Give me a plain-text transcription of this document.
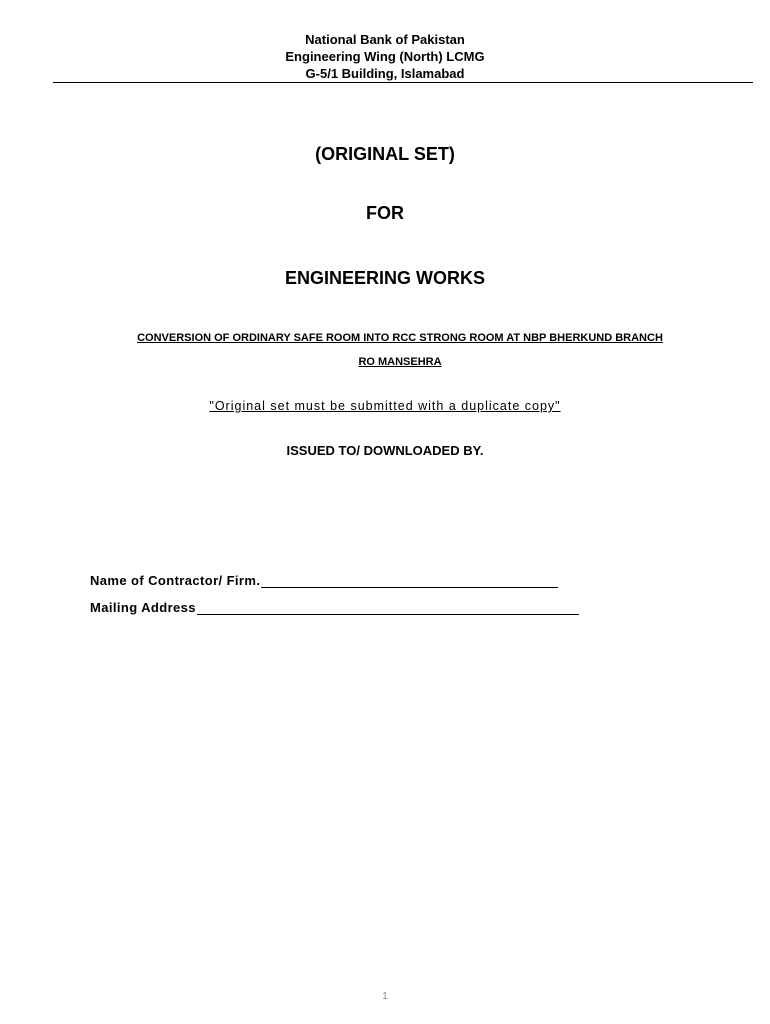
National Bank of Pakistan
Engineering Wing (North) LCMG
G-5/1 Building, Islamabad
(ORIGINAL SET)
FOR
ENGINEERING WORKS
CONVERSION OF ORDINARY SAFE ROOM INTO RCC STRONG ROOM AT NBP BHERKUND BRANCH
RO MANSEHRA
"Original set must be submitted with a duplicate copy"
ISSUED TO/ DOWNLOADED BY.
Name of Contractor/ Firm.
Mailing Address
1
